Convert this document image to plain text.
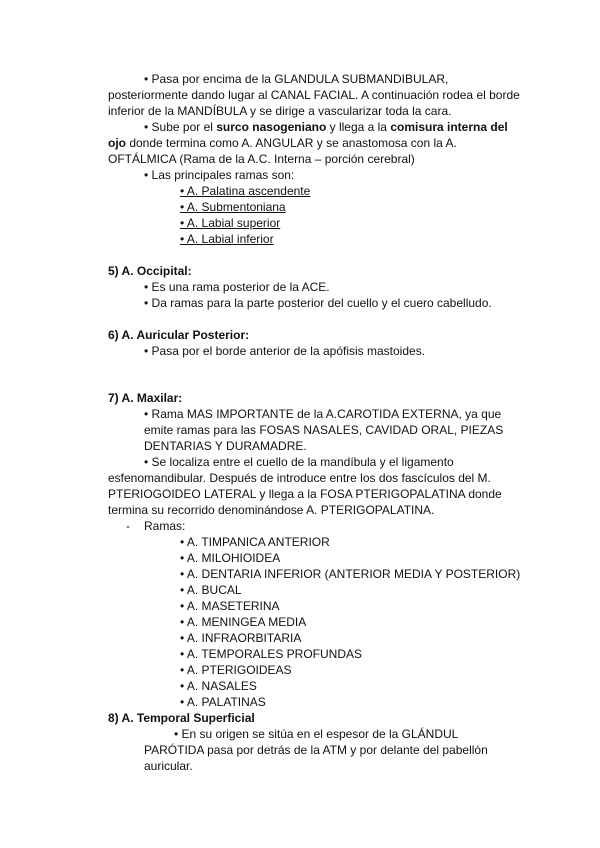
• Pasa por encima de la GLANDULA SUBMANDIBULAR,
posteriormente dando lugar al CANAL FACIAL. A continuación rodea el borde
inferior de la MANDÍBULA y se dirige a vascularizar toda la cara.
• Sube por el surco nasogeniano y llega a la comisura interna del
ojo donde termina como A. ANGULAR y se anastomosa con la A.
OFTÁLMICA (Rama de la A.C. Interna – porción cerebral)
• Las principales ramas son:
• A. Palatina ascendente
• A. Submentoniana
• A. Labial superior
• A. Labial inferior
5) A. Occipital:
• Es una rama posterior de la ACE.
• Da ramas para la parte posterior del cuello y el cuero cabelludo.
6) A. Auricular Posterior:
• Pasa por el borde anterior de la apófisis mastoides.
7) A. Maxilar:
• Rama MAS IMPORTANTE de la A.CAROTIDA EXTERNA, ya que
emite ramas para las FOSAS NASALES, CAVIDAD ORAL, PIEZAS
DENTARIAS Y DURAMADRE.
• Se localiza entre el cuello de la mandíbula y el ligamento
esfenomandibular. Después de introduce entre los dos fascículos del M.
PTERIOGOIDEO LATERAL y llega a la FOSA PTERIGOPALATINA donde
termina su recorrido denominándose A. PTERIGOPALATINA.
- Ramas:
• A. TIMPANICA ANTERIOR
• A. MILOHIOIDEA
• A. DENTARIA INFERIOR (ANTERIOR MEDIA Y POSTERIOR)
• A. BUCAL
• A. MASETERINA
• A. MENINGEA MEDIA
• A. INFRAORBITARIA
• A. TEMPORALES PROFUNDAS
• A. PTERIGOIDEAS
• A. NASALES
• A. PALATINAS
8) A. Temporal Superficial
• En su origen se sitúa en el espesor de la GLÁNDUL
PARÓTIDA pasa por detrás de la ATM y por delante del pabellón
auricular.
